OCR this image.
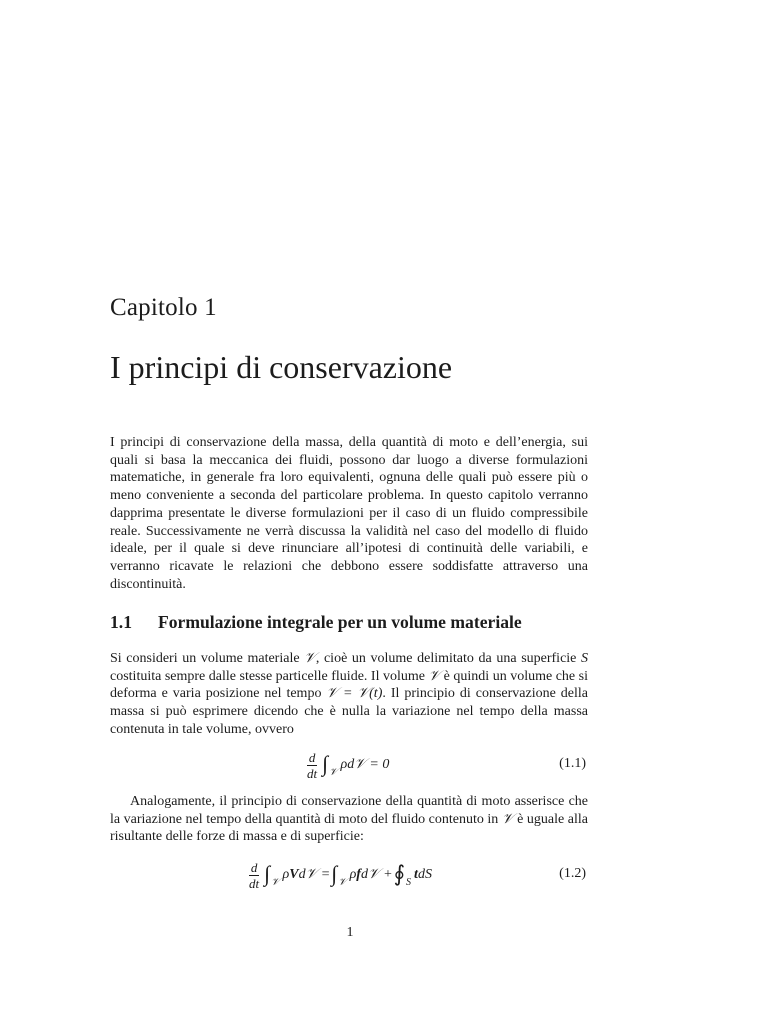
Capitolo 1
I principi di conservazione
I principi di conservazione della massa, della quantità di moto e dell’energia, sui quali si basa la meccanica dei fluidi, possono dar luogo a diverse formulazioni matematiche, in generale fra loro equivalenti, ognuna delle quali può essere più o meno conveniente a seconda del particolare problema. In questo capitolo verranno dapprima presentate le diverse formulazioni per il caso di un fluido compressibile reale. Successivamente ne verrà discussa la validità nel caso del modello di fluido ideale, per il quale si deve rinunciare all’ipotesi di continuità delle variabili, e verranno ricavate le relazioni che debbono essere soddisfatte attraverso una discontinuità.
1.1 Formulazione integrale per un volume materiale
Si consideri un volume materiale 𝒱, cioè un volume delimitato da una superficie S costituita sempre dalle stesse particelle fluide. Il volume 𝒱 è quindi un volume che si deforma e varia posizione nel tempo 𝒱 = 𝒱(t). Il principio di conservazione della massa si può esprimere dicendo che è nulla la variazione nel tempo della massa contenuta in tale volume, ovvero
$\frac{d}{dt}$ ∫ 𝒱 ρd𝒱 = 0	(1.1)
Analogamente, il principio di conservazione della quantità di moto asserisce che la variazione nel tempo della quantità di moto del fluido contenuto in 𝒱 è uguale alla risultante delle forze di massa e di superficie:
$\frac{d}{dt}$ ∫ 𝒱 ρ V d𝒱 = ∫ 𝒱 ρ f d𝒱 + ∮ S t dS	(1.2)
1
